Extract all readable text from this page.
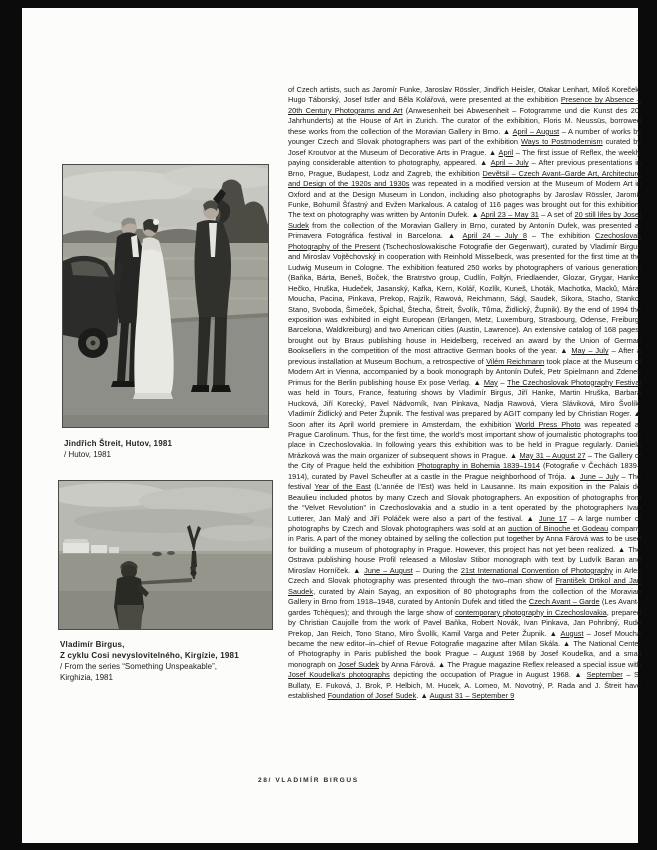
Jindřich Štreit, Hutov, 1981
/ Hutov, 1981
Vladimír Birgus,
Z cyklu Cosi nevyslovitelného, Kirgízie, 1981
/ From the series “Something Unspeakable”,
Kirghizia, 1981
of Czech artists, such as Jaromír Funke, Jaroslav Rössler, Jindřich Heisler, Otakar Lenhart, Miloš Koreček, Hugo Táborský, Josef Istler and Běla Kolářová, were presented at the exhibition Presence by Absence – 20th Century Photograms and Art (Anwesenheit bei Abwesenheit – Fotogramme und die Kunst des 20. Jahrhunderts) at the House of Art in Zurich. The curator of the exhibition, Floris M. Neussüs, borrowed these works from the collection of the Moravian Gallery in Brno. ▲ April – August – A number of works by younger Czech and Slovak photographers was part of the exhibition Ways to Postmodernism curated by Josef Kroutvor at the Museum of Decorative Arts in Prague. ▲ April – The first issue of Reflex, the weekly paying considerable attention to photography, appeared. ▲ April – July – After previous presentations in Brno, Prague, Budapest, Lodz and Zagreb, the exhibition Devětsil – Czech Avant–Garde Art, Architecture and Design of the 1920s and 1930s was repeated in a modified version at the Museum of Modern Art in Oxford and at the Design Museum in London, including also photographs by Jaroslav Rössler, Jaromír Funke, Bohumil Šťastný and Evžen Markalous. A catalog of 116 pages was brought out for this exhibition. The text on photography was written by Antonín Dufek. ▲ April 23 – May 31 – A set of 20 still lifes by Josef Sudek from the collection of the Moravian Gallery in Brno, curated by Antonín Dufek, was presented at Primavera Fotográfica festival in Barcelona. ▲ April 24 – July 8 – The exhibition Czechoslovak Photography of the Present (Tschechoslowakische Fotografie der Gegenwart), curated by Vladimír Birgus and Miroslav Vojtěchovský in cooperation with Reinhold Misselbeck, was presented for the first time at the Ludwig Museum in Cologne. The exhibition featured 250 works by photographers of various generations (Baňka, Bárta, Beneš, Boček, the Bratrstvo group, Cudlín, Foltýn, Friedlaender, Glozar, Grygar, Hanke, Hečko, Hruška, Hudeček, Jasanský, Kafka, Kern, Kolář, Kozlík, Kuneš, Lhoták, Machotka, Macků, Mára, Moucha, Pacina, Pinkava, Prekop, Rajzík, Rawová, Reichmann, Ságl, Saudek, Sikora, Stacho, Stanko, Stano, Svoboda, Šimeček, Špichal, Štecha, Štreit, Švolík, Tůma, Židlický, Župnik). By the end of 1994 the exposition was exhibited in eight European (Erlangen, Metz, Luxemburg, Strasbourg, Odense, Freiburg, Barcelona, Waldkreiburg) and two American cities (Austin, Lawrence). An extensive catalog of 168 pages, brought out by Braus publishing house in Heidelberg, received an award by the Union of German Booksellers in the competition of the most attractive German books of the year. ▲ May – July – After a previous installation at Museum Bochum, a retrospective of Vilém Reichmann took place at the Museum of Modern Art in Vienna, accompanied by a book monograph by Antonín Dufek, Petr Spielmann and Zdenek Primus for the Berlin publishing house Ex pose Verlag. ▲ May – The Czechoslovak Photography Festival was held in Tours, France, featuring shows by Vladimír Birgus, Jiří Hanke, Martin Hruška, Barbara Hucková, Jiří Korecký, Pavel Nádvorník, Ivan Pinkava, Nadja Rawová, Viera Sláviková, Miro Švolík, Vladimír Židlický and Peter Župnik. The festival was prepared by AGIT company led by Christian Roger. ▲ Soon after its April world premiere in Amsterdam, the exhibition World Press Photo was repeated at Prague Carolinum. Thus, for the first time, the world's most important show of journalistic photographs took place in Czechoslovakia. In following years this exhibition was to be held in Prague regularly. Daniela Mrázková was the main organizer of subsequent shows in Prague. ▲ May 31 – August 27 – The Gallery of the City of Prague held the exhibition Photography in Bohemia 1839–1914 (Fotografie v Čechách 1839–1914), curated by Pavel Scheufler at a castle in the Prague neighborhood of Trója. ▲ June – July – The festival Year of the East (L'année de l'Est) was held in Lausanne. Its main exposition in the Palais de Beaulieu included photos by many Czech and Slovak photographers. An exposition of photographs from the “Velvet Revolution” in Czechoslovakia and a studio in a tent operated by the photographers Ivan Lutterer, Jan Malý and Jiří Poláček were also a part of the festival. ▲ June 17 – A large number of photographs by Czech and Slovak photographers was sold at an auction of Binoche et Godeau company in Paris. A part of the money obtained by selling the collection put together by Anna Fárová was to be used for building a museum of photography in Prague. However, this project has not yet been realized. ▲ The Ostrava publishing house Profil released a Miloslav Stibor monograph with text by Ludvík Baran and Miroslav Horníček. ▲ June – August – During the 21st International Convention of Photography in Arles Czech and Slovak photography was presented through the two–man show of František Drtikol and Jan Saudek, curated by Alain Sayag, an exposition of 80 photographs from the collection of the Moravian Gallery in Brno from 1918–1948, curated by Antonín Dufek and titled the Czech Avant – Garde (Les Avant–gardes Tchèques); and through the large show of contemporary photography in Czechoslovakia, prepared by Christian Caujolle from the work of Pavel Baňka, Robert Novák, Ivan Pinkava, Jan Pohribný, Rudo Prekop, Jan Reich, Tono Stano, Miro Švolík, Kamil Varga and Peter Župnik. ▲ August – Josef Moucha became the new editor–in–chief of Revue Fotografie magazine after Milan Skála. ▲ The National Center of Photography in Paris published the book Prague – August 1968 by Josef Koudelka, and a small monograph on Josef Sudek by Anna Fárová. ▲ The Prague magazine Reflex released a special issue with Josef Koudelka's photographs depicting the occupation of Prague in August 1968. ▲ September – S. Bullaty, E. Fuková, J. Brok, P. Helbich, M. Hucek, A. Lomeo, M. Novotný, P. Rada and J. Štreit have established Foundation of Josef Sudek. ▲ August 31 – September 9
28/ VLADIMÍR BIRGUS
